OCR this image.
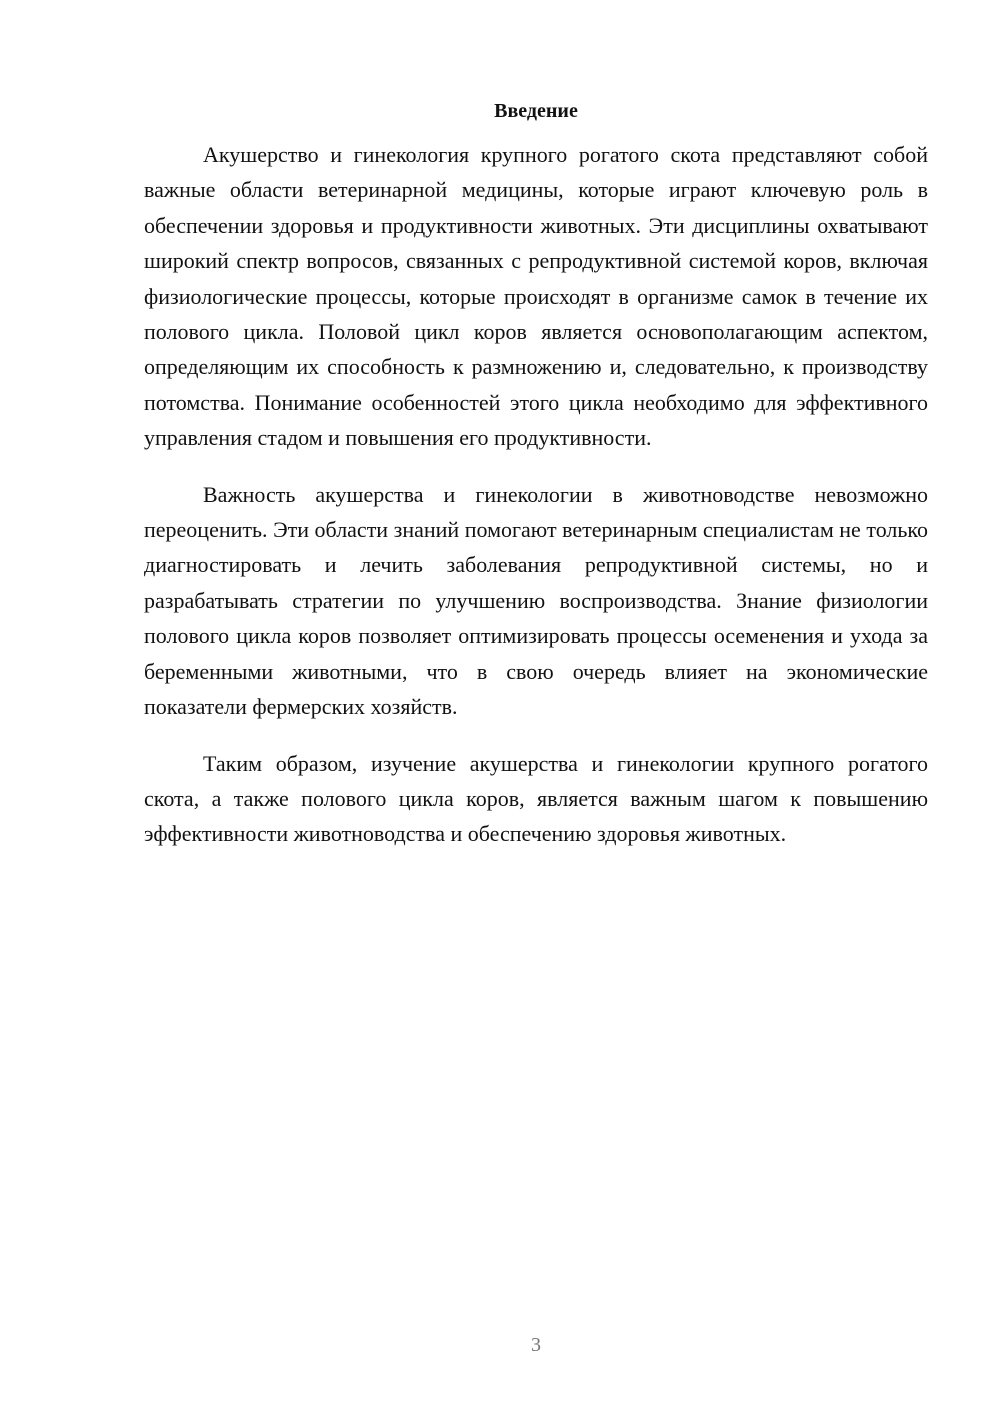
Введение

Акушерство и гинекология крупного рогатого скота представляют собой важные области ветеринарной медицины, которые играют ключевую роль в обеспечении здоровья и продуктивности животных. Эти дисциплины охватывают широкий спектр вопросов, связанных с репродуктивной системой коров, включая физиологические процессы, которые происходят в организме самок в течение их полового цикла. Половой цикл коров является основополагающим аспектом, определяющим их способность к размножению и, следовательно, к производству потомства. Понимание особенностей этого цикла необходимо для эффективного управления стадом и повышения его продуктивности.

Важность акушерства и гинекологии в животноводстве невозможно переоценить. Эти области знаний помогают ветеринарным специалистам не только диагностировать и лечить заболевания репродуктивной системы, но и разрабатывать стратегии по улучшению воспроизводства. Знание физиологии полового цикла коров позволяет оптимизировать процессы осеменения и ухода за беременными животными, что в свою очередь влияет на экономические показатели фермерских хозяйств.

Таким образом, изучение акушерства и гинекологии крупного рогатого скота, а также полового цикла коров, является важным шагом к повышению эффективности животноводства и обеспечению здоровья животных.

3
